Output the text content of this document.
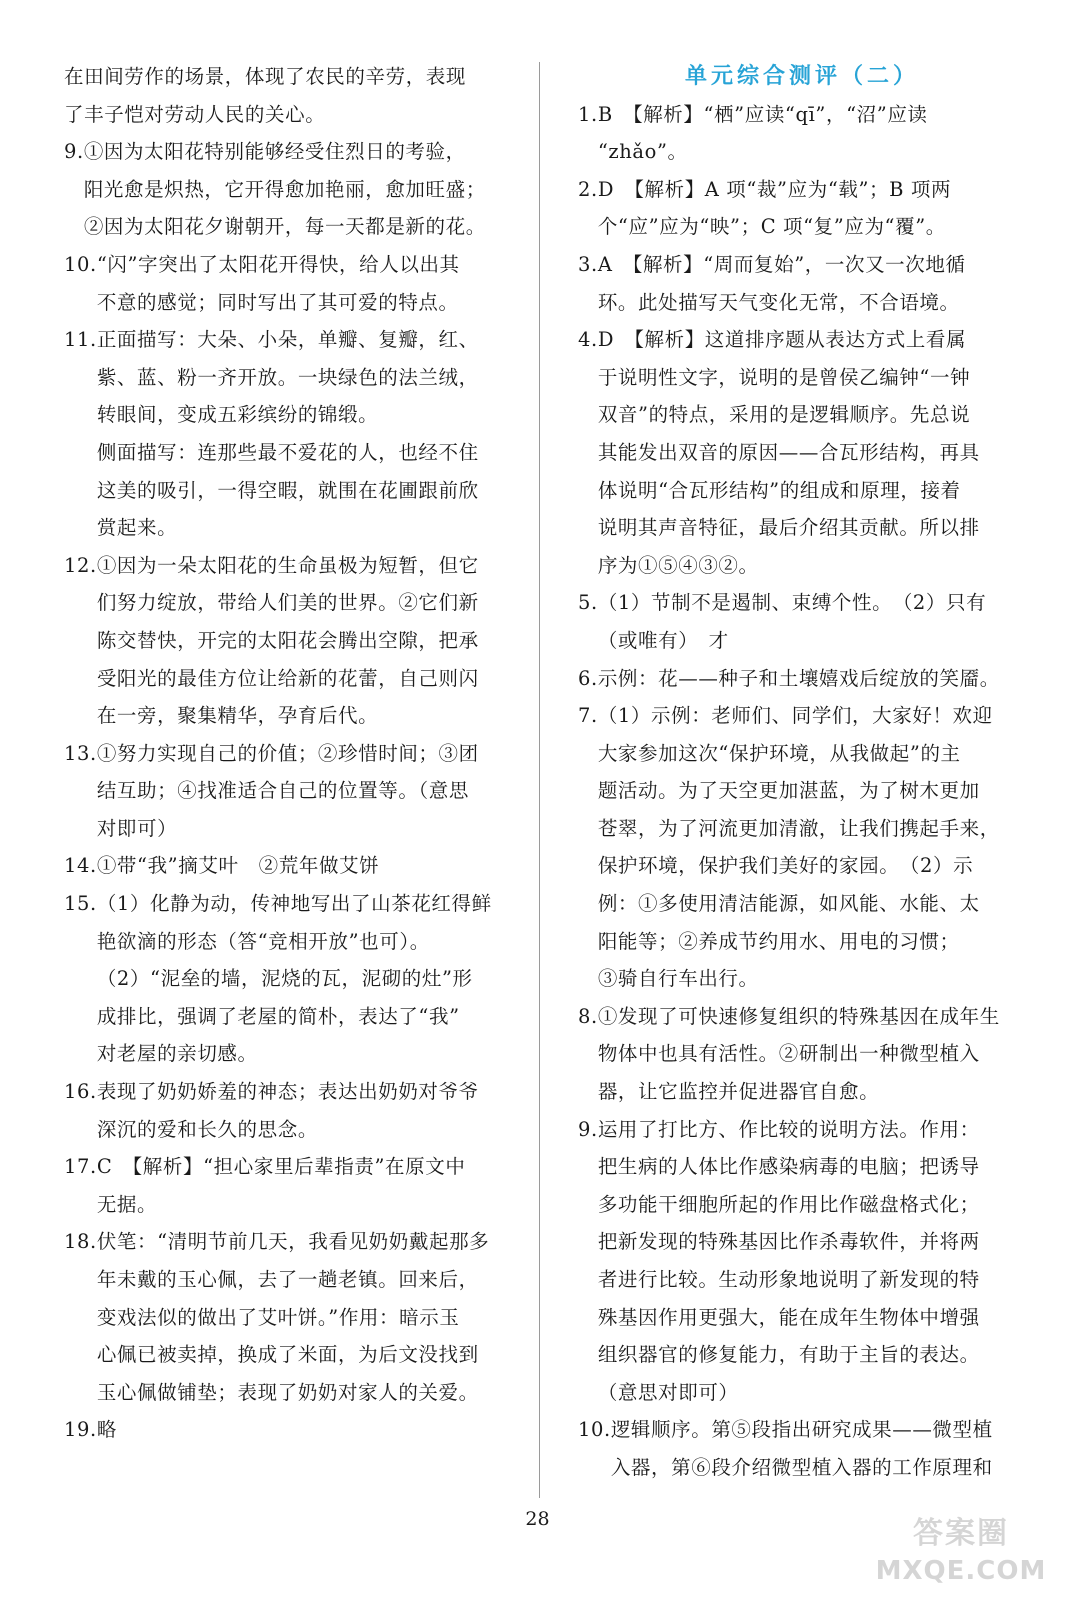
在田间劳作的场景，体现了农民的辛劳，表现
了丰子恺对劳动人民的关心。
9. ①因为太阳花特别能够经受住烈日的考验，
阳光愈是炽热，它开得愈加艳丽，愈加旺盛；
②因为太阳花夕谢朝开，每一天都是新的花。
10. “闪”字突出了太阳花开得快，给人以出其
不意的感觉；同时写出了其可爱的特点。
11. 正面描写：大朵、小朵，单瓣、复瓣，红、
紫、蓝、粉一齐开放。一块绿色的法兰绒，
转眼间，变成五彩缤纷的锦缎。
侧面描写：连那些最不爱花的人，也经不住
这美的吸引，一得空暇，就围在花圃跟前欣
赏起来。
12. ①因为一朵太阳花的生命虽极为短暂，但它
们努力绽放，带给人们美的世界。②它们新
陈交替快，开完的太阳花会腾出空隙，把承
受阳光的最佳方位让给新的花蕾，自己则闪
在一旁，聚集精华，孕育后代。
13. ①努力实现自己的价值；②珍惜时间；③团
结互助；④找准适合自己的位置等。（意思
对即可）
14. ①带“我”摘艾叶　②荒年做艾饼
15. （1）化静为动，传神地写出了山茶花红得鲜
艳欲滴的形态（答“竞相开放”也可）。
（2）“泥垒的墙，泥烧的瓦，泥砌的灶”形
成排比，强调了老屋的简朴，表达了“我”
对老屋的亲切感。
16. 表现了奶奶娇羞的神态；表达出奶奶对爷爷
深沉的爱和长久的思念。
17. C　【解析】“担心家里后辈指责”在原文中
无据。
18. 伏笔：“清明节前几天，我看见奶奶戴起那多
年未戴的玉心佩，去了一趟老镇。回来后，
变戏法似的做出了艾叶饼。”作用：暗示玉
心佩已被卖掉，换成了米面，为后文没找到
玉心佩做铺垫；表现了奶奶对家人的关爱。
19. 略
单元综合测评（二）
1. B　【解析】“栖”应读“qī”，“沼”应读
“zhǎo”。
2. D　【解析】A 项“裁”应为“载”；B 项两
个“应”应为“映”；C 项“复”应为“覆”。
3. A　【解析】“周而复始”，一次又一次地循
环。此处描写天气变化无常，不合语境。
4. D　【解析】这道排序题从表达方式上看属
于说明性文字，说明的是曾侯乙编钟“一钟
双音”的特点，采用的是逻辑顺序。先总说
其能发出双音的原因——合瓦形结构，再具
体说明“合瓦形结构”的组成和原理，接着
说明其声音特征，最后介绍其贡献。所以排
序为①⑤④③②。
5. （1）节制不是遏制、束缚个性。　（2）只有
（或唯有）　才
6. 示例：花——种子和土壤嬉戏后绽放的笑靥。
7. （1）示例：老师们、同学们，大家好！欢迎
大家参加这次“保护环境，从我做起”的主
题活动。为了天空更加湛蓝，为了树木更加
苍翠，为了河流更加清澈，让我们携起手来，
保护环境，保护我们美好的家园。　（2）示
例：①多使用清洁能源，如风能、水能、太
阳能等；②养成节约用水、用电的习惯；
③骑自行车出行。
8. ①发现了可快速修复组织的特殊基因在成年生
物体中也具有活性。②研制出一种微型植入
器，让它监控并促进器官自愈。
9. 运用了打比方、作比较的说明方法。作用：
把生病的人体比作感染病毒的电脑；把诱导
多功能干细胞所起的作用比作磁盘格式化；
把新发现的特殊基因比作杀毒软件，并将两
者进行比较。生动形象地说明了新发现的特
殊基因作用更强大，能在成年生物体中增强
组织器官的修复能力，有助于主旨的表达。
（意思对即可）
10. 逻辑顺序。第⑤段指出研究成果——微型植
入器，第⑥段介绍微型植入器的工作原理和
28	答案圈
MXQE.COM
